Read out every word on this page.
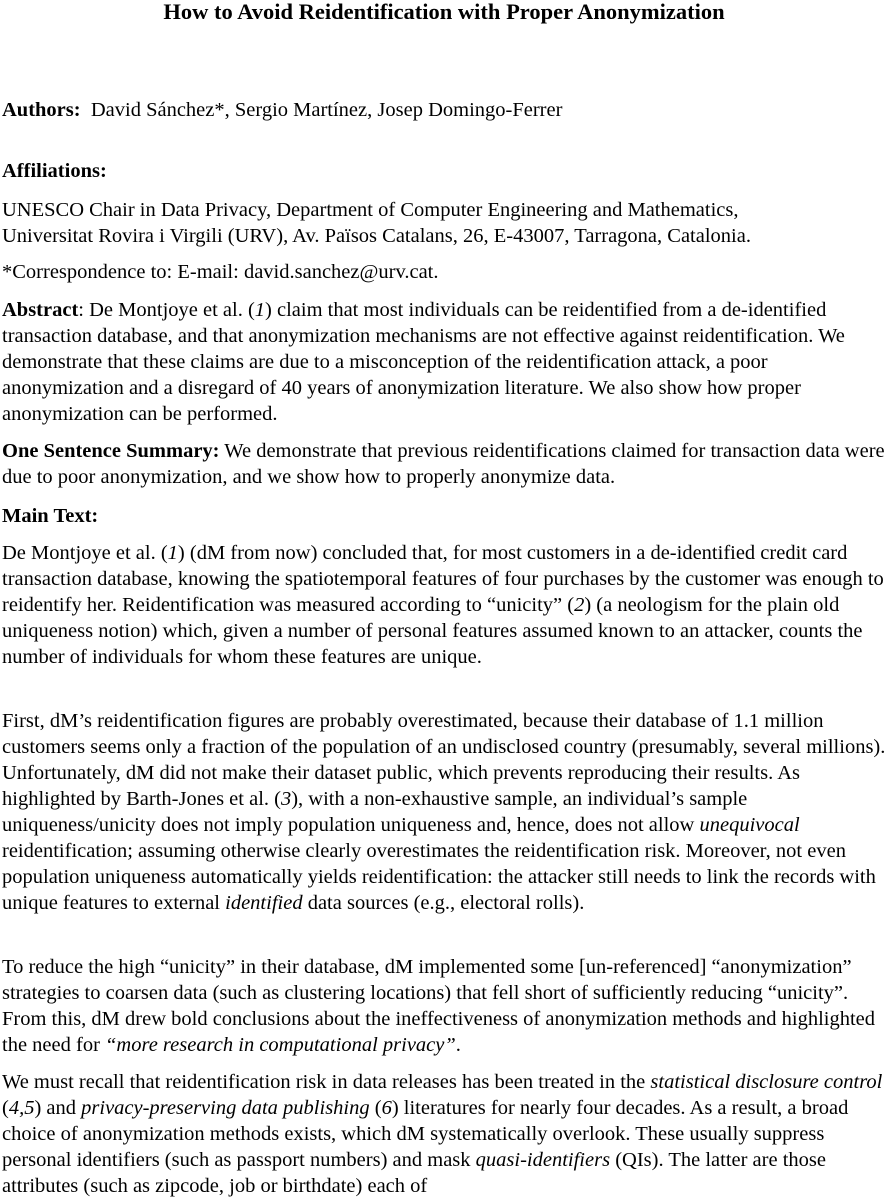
How to Avoid Reidentification with Proper Anonymization

Authors: David Sánchez*, Sergio Martínez, Josep Domingo-Ferrer

Affiliations:

UNESCO Chair in Data Privacy, Department of Computer Engineering and Mathematics,
Universitat Rovira i Virgili (URV), Av. Països Catalans, 26, E-43007, Tarragona, Catalonia.

*Correspondence to: E-mail: david.sanchez@urv.cat.

Abstract: De Montjoye et al. (1) claim that most individuals can be reidentified from a de-identified transaction database, and that anonymization mechanisms are not effective against reidentification. We demonstrate that these claims are due to a misconception of the reidentification attack, a poor anonymization and a disregard of 40 years of anonymization literature. We also show how proper anonymization can be performed.

One Sentence Summary: We demonstrate that previous reidentifications claimed for transaction data were due to poor anonymization, and we show how to properly anonymize data.

Main Text:

De Montjoye et al. (1) (dM from now) concluded that, for most customers in a de-identified credit card transaction database, knowing the spatiotemporal features of four purchases by the customer was enough to reidentify her. Reidentification was measured according to “unicity” (2) (a neologism for the plain old uniqueness notion) which, given a number of personal features assumed known to an attacker, counts the number of individuals for whom these features are unique.

First, dM’s reidentification figures are probably overestimated, because their database of 1.1 million customers seems only a fraction of the population of an undisclosed country (presumably, several millions). Unfortunately, dM did not make their dataset public, which prevents reproducing their results. As highlighted by Barth-Jones et al. (3), with a non-exhaustive sample, an individual’s sample uniqueness/unicity does not imply population uniqueness and, hence, does not allow unequivocal reidentification; assuming otherwise clearly overestimates the reidentification risk. Moreover, not even population uniqueness automatically yields reidentification: the attacker still needs to link the records with unique features to external identified data sources (e.g., electoral rolls).

To reduce the high “unicity” in their database, dM implemented some [un-referenced] “anonymization” strategies to coarsen data (such as clustering locations) that fell short of sufficiently reducing “unicity”. From this, dM drew bold conclusions about the ineffectiveness of anonymization methods and highlighted the need for “more research in computational privacy”.

We must recall that reidentification risk in data releases has been treated in the statistical disclosure control (4,5) and privacy-preserving data publishing (6) literatures for nearly four decades. As a result, a broad choice of anonymization methods exists, which dM systematically overlook. These usually suppress personal identifiers (such as passport numbers) and mask quasi-identifiers (QIs). The latter are those attributes (such as zipcode, job or birthdate) each of
